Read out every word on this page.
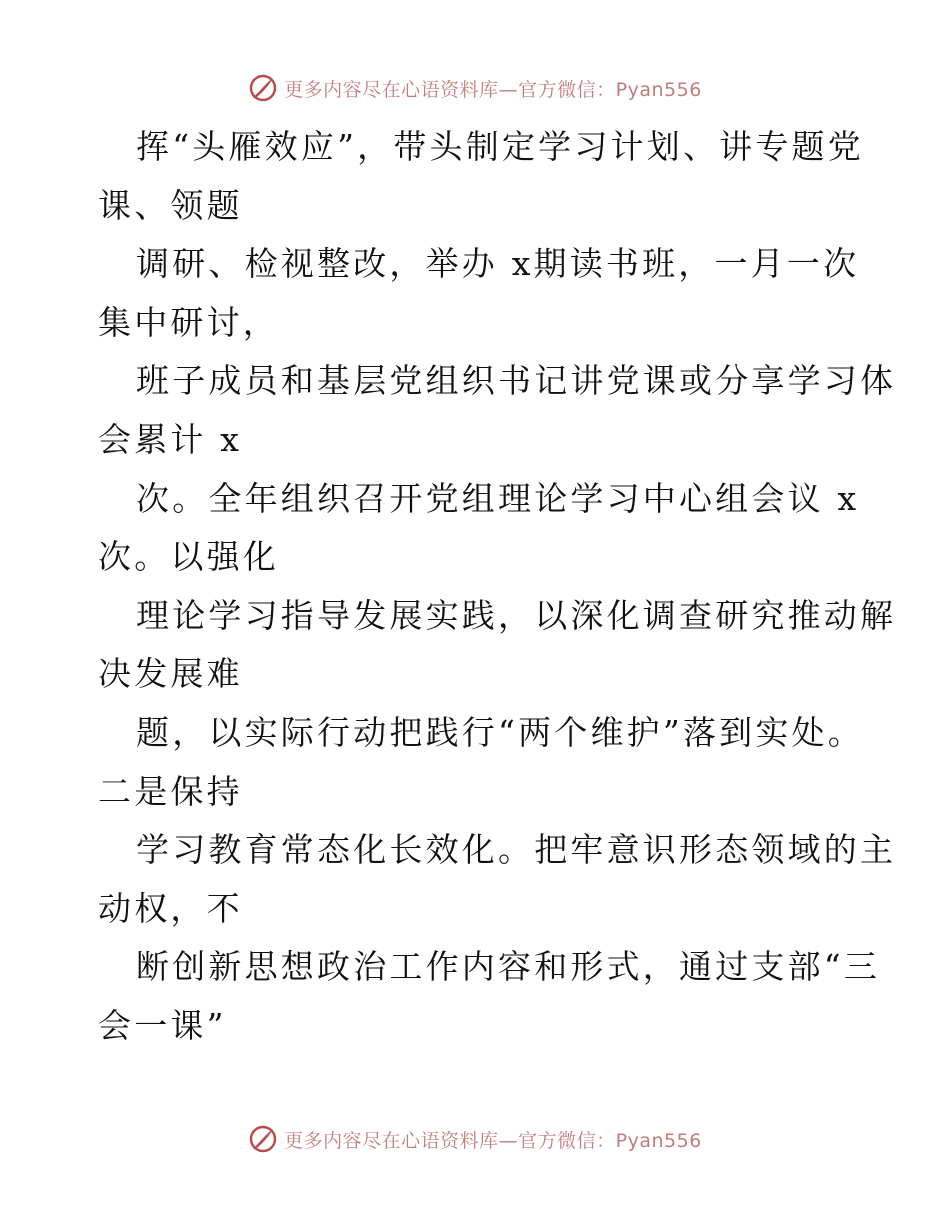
更多内容尽在心语资料库—官方微信：Pyan556
挥“头雁效应”，带头制定学习计划、讲专题党
课、领题
调研、检视整改，举办 x期读书班，一月一次
集中研讨，
班子成员和基层党组织书记讲党课或分享学习体
会累计 x
次。全年组织召开党组理论学习中心组会议 x
次。以强化
理论学习指导发展实践，以深化调查研究推动解
决发展难
题，以实际行动把践行“两个维护”落到实处。
二是保持
学习教育常态化长效化。把牢意识形态领域的主
动权，不
断创新思想政治工作内容和形式，通过支部“三
会一课”
更多内容尽在心语资料库—官方微信：Pyan556
